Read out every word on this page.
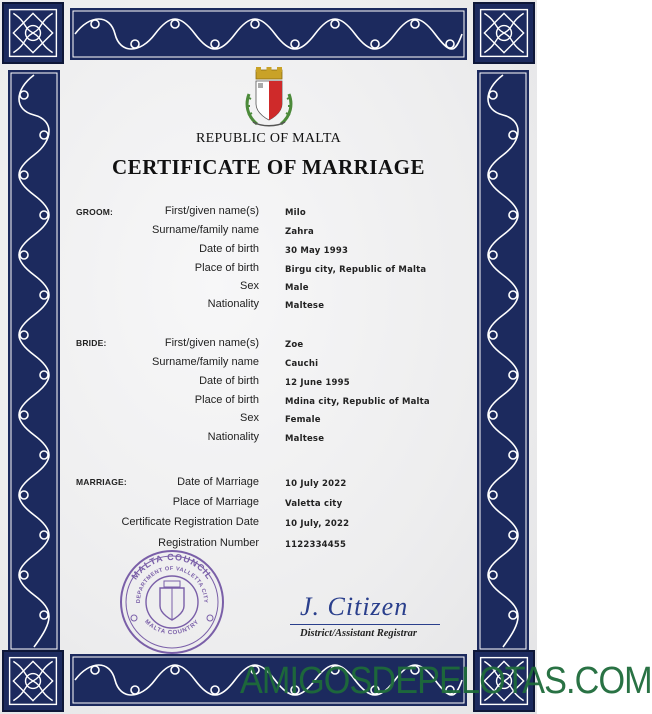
REPUBLIC OF MALTA
CERTIFICATE OF MARRIAGE
GROOM:	First/given name(s)	Milo
Surname/family name	Zahra
Date of birth	30 May 1993
Place of birth	Birgu city, Republic of Malta
Sex	Male
Nationality	Maltese
BRIDE:	First/given name(s)	Zoe
Surname/family name	Cauchi
Date of birth	12 June 1995
Place of birth	Mdina city, Republic of Malta
Sex	Female
Nationality	Maltese
MARRIAGE:	Date of Marriage	10 July 2022
Place of Marriage	Valetta city
Certificate Registration Date	10 July, 2022
Registration Number	1122334455
MALTA COUNCIL
DEPARTMENT OF VALLETTA CITY
MALTA COUNTRY
J. Citizen
District/Assistant Registrar
AMIGOSDEPELOTAS.COM
